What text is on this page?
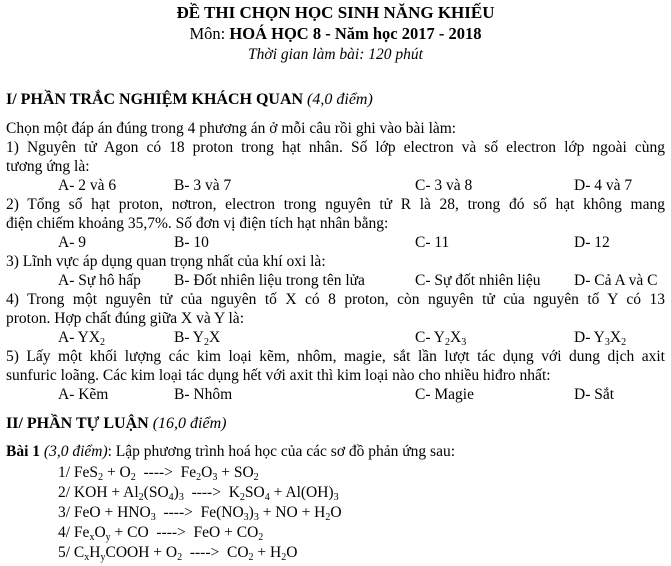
ĐỀ THI CHỌN HỌC SINH NĂNG KHIẾU
Môn: HOÁ HỌC 8 - Năm học 2017 - 2018
Thời gian làm bài: 120 phút
I/ PHẦN TRẮC NGHIỆM KHÁCH QUAN (4,0 điểm)
Chọn một đáp án đúng trong 4 phương án ở mỗi câu rồi ghi vào bài làm:
1) Nguyên tử Agon có 18 proton trong hạt nhân. Số lớp electron và số electron lớp ngoài cùng
tương ứng là:
A- 2 và 6	B- 3 và 7	C- 3 và 8	D- 4 và 7
2) Tổng số hạt proton, nơtron, electron trong nguyên tử R là 28, trong đó số hạt không mang
điện chiếm khoảng 35,7%. Số đơn vị điện tích hạt nhân bằng:
A- 9	B- 10	C- 11	D- 12
3) Lĩnh vực áp dụng quan trọng nhất của khí oxi là:
A- Sự hô hấp B- Đốt nhiên liệu trong tên lửa	C- Sự đốt nhiên liệu D- Cả A và C
4) Trong một nguyên tử của nguyên tố X có 8 proton, còn nguyên tử của nguyên tố Y có 13
proton. Hợp chất đúng giữa X và Y là:
A- $YX_2$	B- $Y_2X$	C- $Y_2X_3$	D- $Y_3X_2$
5) Lấy một khối lượng các kim loại kẽm, nhôm, magie, sắt lần lượt tác dụng với dung dịch axit
sunfuric loãng. Các kim loại tác dụng hết với axit thì kim loại nào cho nhiều hiđro nhất:
A- Kẽm	B- Nhôm	C- Magie	D- Sắt
II/ PHẦN TỰ LUẬN (16,0 điểm)
Bài 1 (3,0 điểm): Lập phương trình hoá học của các sơ đồ phản ứng sau:
1/ $FeS_2 + O_2$  ---->  $Fe_2O_3 + SO_2$
2/ KOH + $Al_2(SO_4)_3$  ---->  $K_2SO_4 + Al(OH)_3$
3/ FeO + $HNO_3$  ---->  $Fe(NO_3)_3$ + NO + $H_2O$
4/ $Fe_xO_y$ + CO  ---->  FeO + $CO_2$
5/ $C_xH_yCOOH + O_2$  ---->  $CO_2 + H_2O$
